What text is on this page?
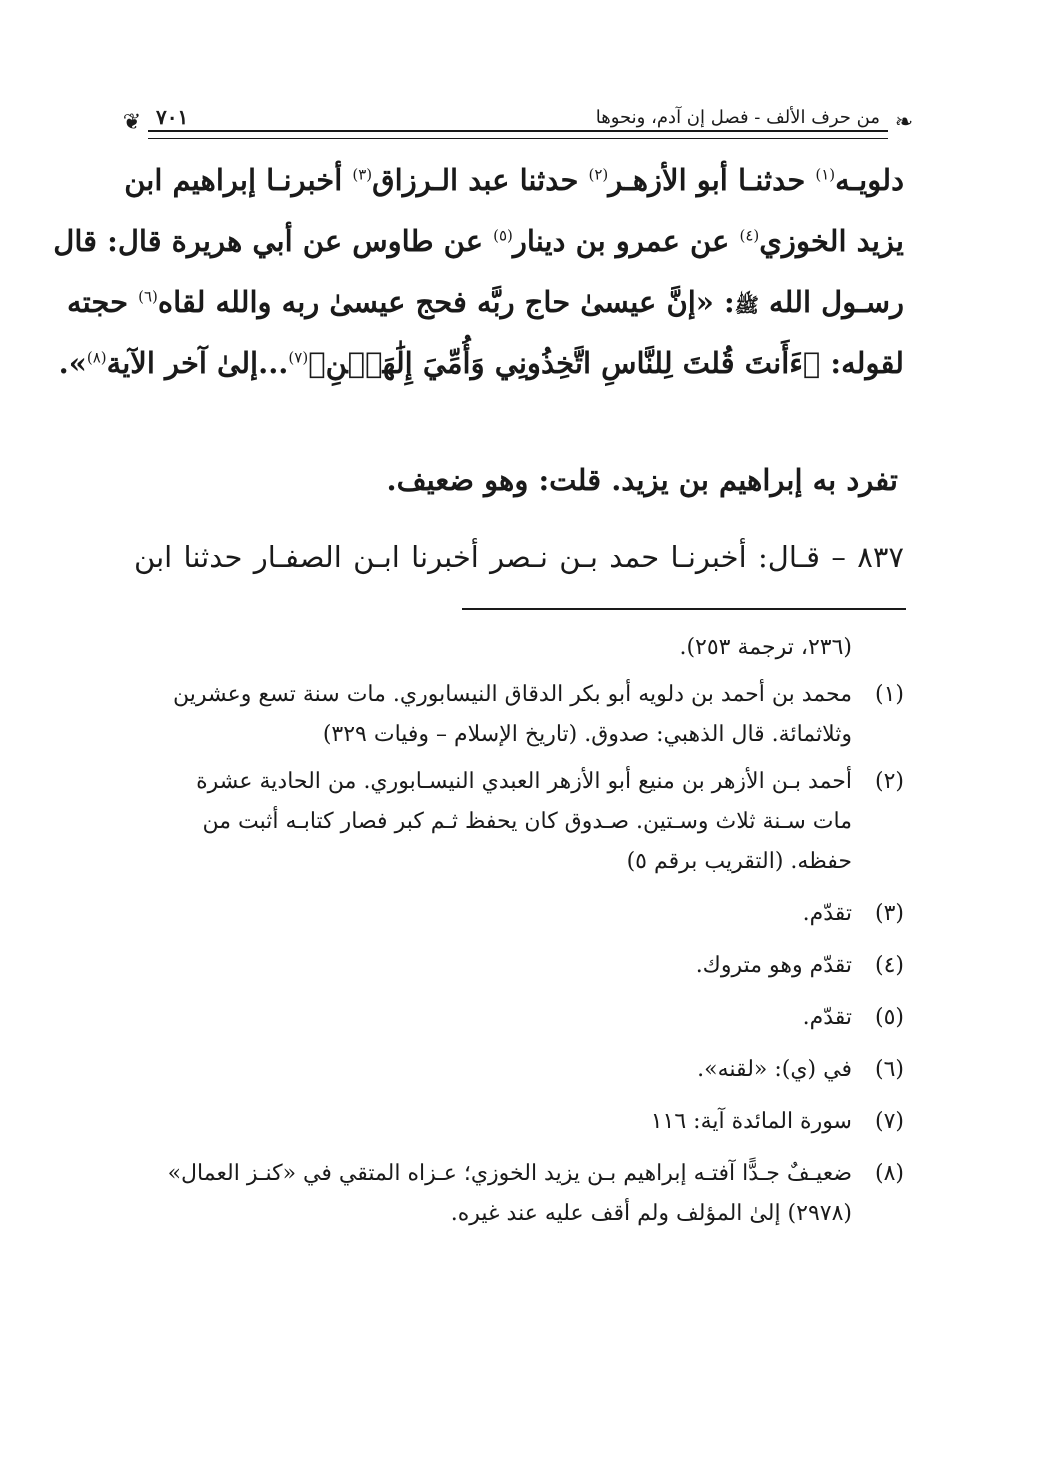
❦	❧
٧٠١	من حرف الألف - فصل إن آدم، ونحوها
دلويـه$^{(١)}$ حدثنـا أبو الأزهـر$^{(٢)}$ حدثنا عبد الـرزاق$^{(٣)}$ أخبرنـا إبراهيم ابن
يزيد الخوزي$^{(٤)}$ عن عمرو بن دينار$^{(٥)}$ عن طاوس عن أبي هريرة قال: قال
رسـول الله ﷺ: «إنَّ عيسىٰ حاج ربَّه فحج عيسىٰ ربه والله لقاه$^{(٦)}$ حجته
لقوله: ﴿ءَأَنتَ قُلتَ لِلنَّاسِ اتَّخِذُونِي وَأُمِّيَ إِلَٰهَيۡنِ﴾$^{(٧)}$...إلىٰ آخر الآية$^{(٨)}$».
تفرد به إبراهيم بن يزيد. قلت: وهو ضعيف.
٨٣٧ – قـال: أخبرنـا حمد بـن نـصر أخبرنا ابـن الصفـار حدثنا ابن
(٢٣٦، ترجمة ٢٥٣).
(١)
محمد بن أحمد بن دلويه أبو بكر الدقاق النيسابوري. مات سنة تسع وعشرين
وثلاثمائة. قال الذهبي: صدوق. (تاريخ الإسلام – وفيات ٣٢٩)
(٢)
أحمد بـن الأزهر بن منيع أبو الأزهر العبدي النيسـابوري. من الحادية عشرة
مات سـنة ثلاث وسـتين. صـدوق كان يحفظ ثـم كبر فصار كتابـه أثبت من
حفظه. (التقريب برقم ٥)
(٣)
تقدّم.
(٤)
تقدّم وهو متروك.
(٥)
تقدّم.
(٦)
في (ي): «لقنه».
(٧)
سورة المائدة آية: ١١٦
(٨)
ضعيـفٌ جـدًّا آفتـه إبراهيم بـن يزيد الخوزي؛ عـزاه المتقي في «كنـز العمال»
(٢٩٧٨) إلىٰ المؤلف ولم أقف عليه عند غيره.
